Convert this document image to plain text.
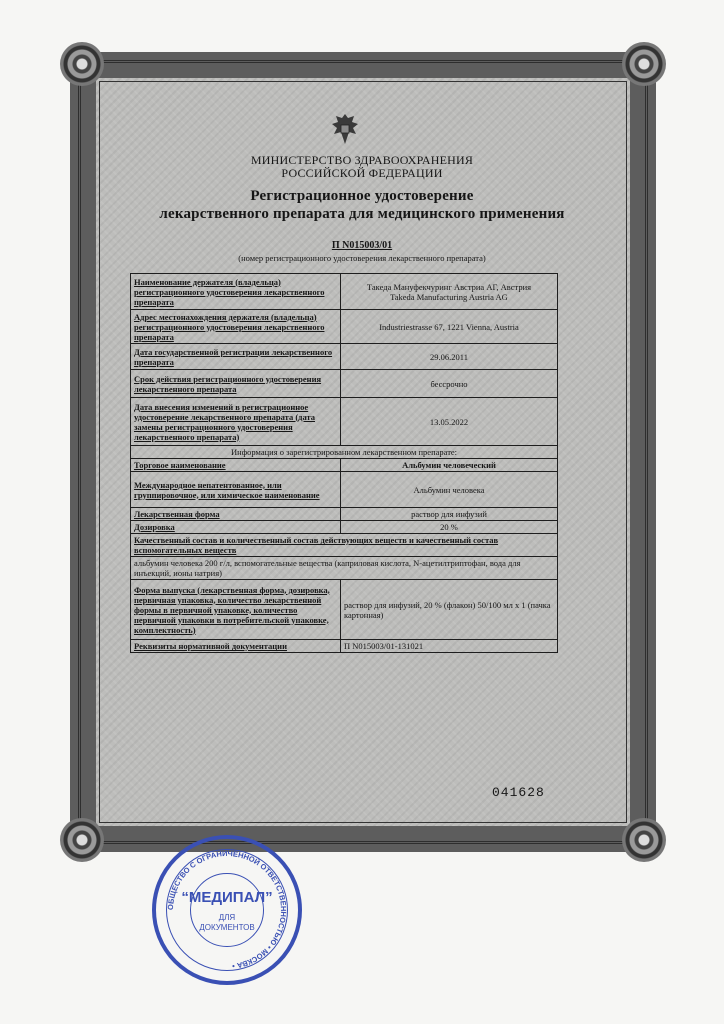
МИНИСТЕРСТВО ЗДРАВООХРАНЕНИЯ
РОССИЙСКОЙ ФЕДЕРАЦИИ
Регистрационное удостоверение
лекарственного препарата для медицинского применения
П N015003/01
(номер регистрационного удостоверения лекарственного препарата)
Наименование держателя (владельца) регистрационного удостоверения лекарственного препарата	Такеда Мануфекчуринг Австриа АГ, Австрия
Takeda Manufacturing Austria AG

Адрес местонахождения держателя (владельца) регистрационного удостоверения лекарственного препарата	Industriestrasse 67, 1221 Vienna, Austria
Дата государственной регистрации лекарственного препарата	29.06.2011
Срок действия регистрационного удостоверения лекарственного препарата	бессрочно
Дата внесения изменений в регистрационное удостоверение лекарственного препарата (дата замены регистрационного удостоверения лекарственного препарата)	13.05.2022
Информация о зарегистрированном лекарственном препарате:	
Торговое наименование	Альбумин человеческий
Международное непатентованное, или группировочное, или химическое наименование	Альбумин человека
Лекарственная форма	раствор для инфузий
Дозировка	20 %
Качественный состав и количественный состав действующих веществ и качественный состав вспомогательных веществ	
альбумин человека 200 г/л, вспомогательные вещества (каприловая кислота, N-ацетилтриптофан, вода для инъекций, ионы натрия)	
Форма выпуска (лекарственная форма, дозировка, первичная упаковка, количество лекарственной формы в первичной упаковке, количество первичной упаковки в потребительской упаковке, комплектность)	раствор для инфузий, 20 % (флакон) 50/100 мл x 1 (пачка картонная)
Реквизиты нормативной документации	П N015003/01-131021
041628
ОБЩЕСТВО С ОГРАНИЧЕННОЙ ОТВЕТСТВЕННОСТЬЮ • МОСКВА •
“МЕДИПАЛ”
ДЛЯ
ДОКУМЕНТОВ
